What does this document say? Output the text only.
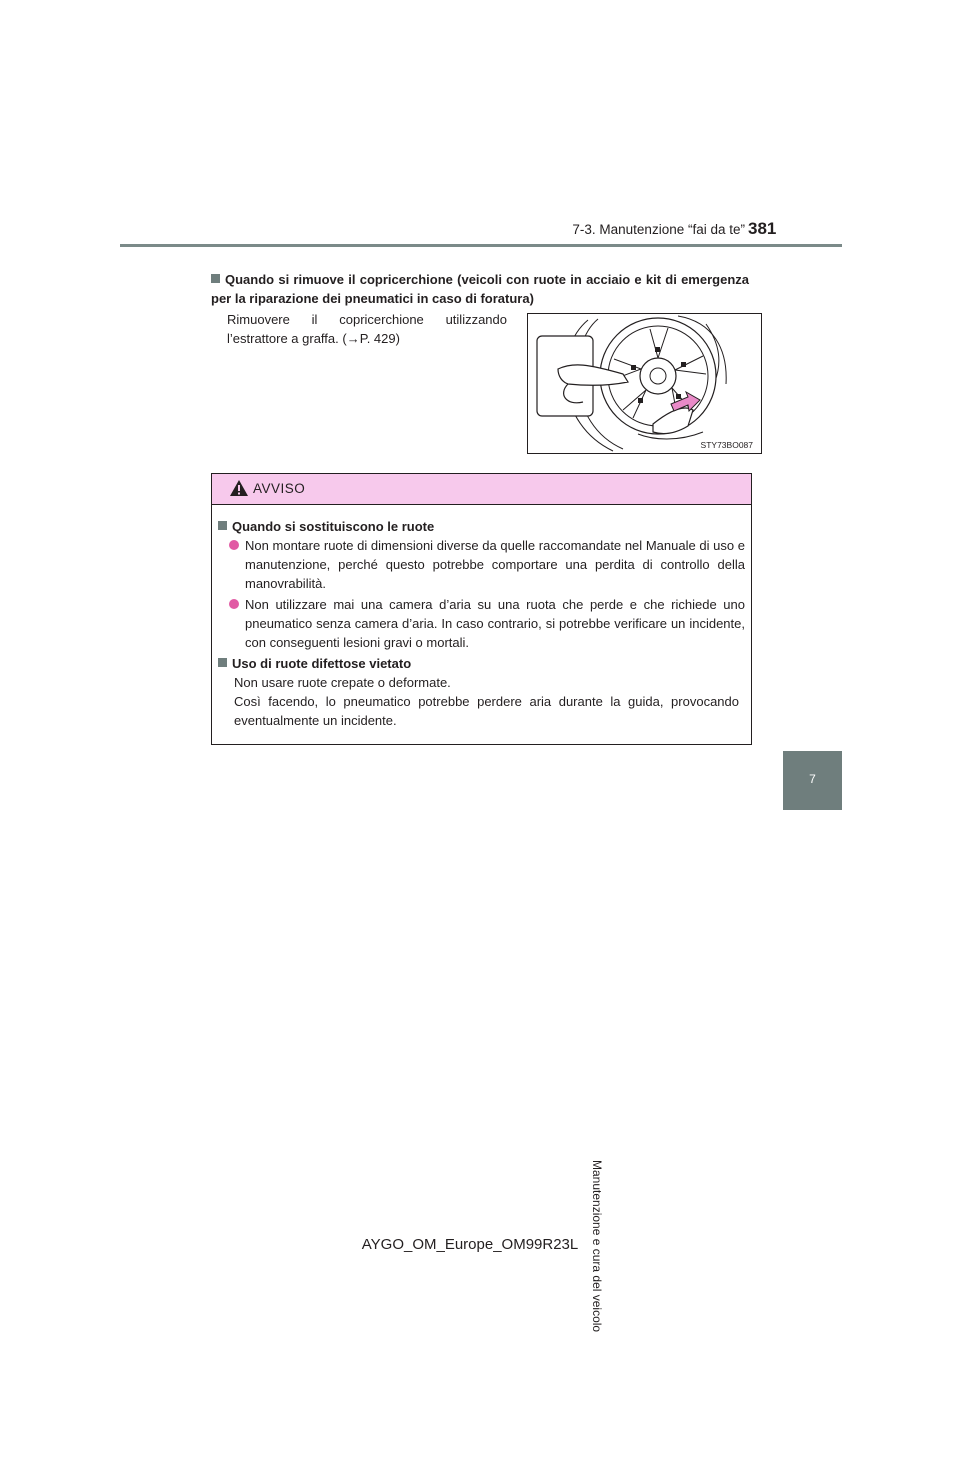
7-3. Manutenzione “fai da te” 381
7
Manutenzione e cura del veicolo
Quando si rimuove il copricerchione (veicoli con ruote in acciaio e kit di emergenza per la riparazione dei pneumatici in caso di foratura)
Rimuovere il copricerchione utilizzando l’estrattore a graffa. (→P. 429)
STY73BO087
AVVISO
Quando si sostituiscono le ruote
Non montare ruote di dimensioni diverse da quelle raccomandate nel Manuale di uso e manutenzione, perché questo potrebbe comportare una perdita di controllo della manovrabilità.
Non utilizzare mai una camera d’aria su una ruota che perde e che richiede uno pneumatico senza camera d’aria. In caso contrario, si potrebbe verificare un incidente, con conseguenti lesioni gravi o mortali.
Uso di ruote difettose vietato
Non usare ruote crepate o deformate.
Così facendo, lo pneumatico potrebbe perdere aria durante la guida, provocando eventualmente un incidente.
AYGO_OM_Europe_OM99R23L
